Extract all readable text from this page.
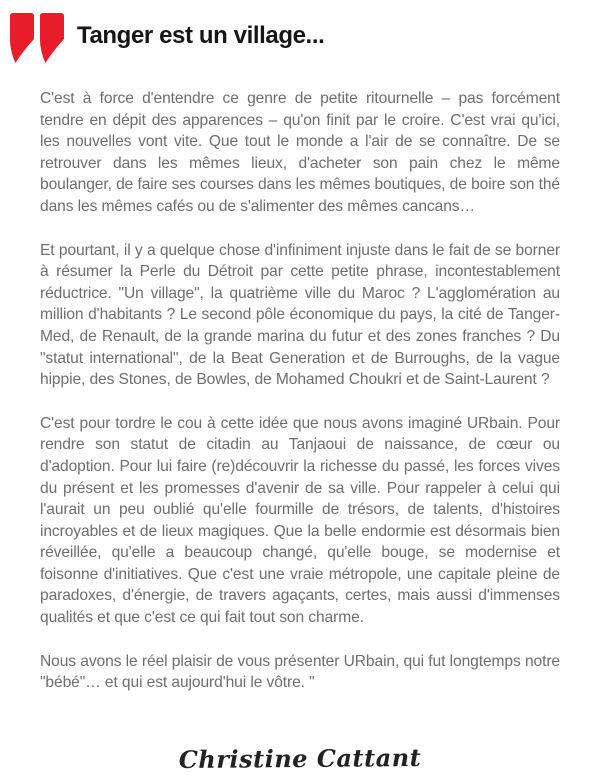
Tanger est un village...

C'est à force d'entendre ce genre de petite ritournelle – pas forcément tendre en dépit des apparences – qu'on finit par le croire. C'est vrai qu'ici, les nouvelles vont vite. Que tout le monde a l'air de se connaître. De se retrouver dans les mêmes lieux, d'acheter son pain chez le même boulanger, de faire ses courses dans les mêmes boutiques, de boire son thé dans les mêmes cafés ou de s'alimenter des mêmes cancans…

Et pourtant, il y a quelque chose d'infiniment injuste dans le fait de se borner à résumer la Perle du Détroit par cette petite phrase, incontestablement réductrice. "Un village", la quatrième ville du Maroc ? L'agglomération au million d'habitants ? Le second pôle économique du pays, la cité de Tanger-Med, de Renault, de la grande marina du futur et des zones franches ? Du "statut international", de la Beat Generation et de Burroughs, de la vague hippie, des Stones, de Bowles, de Mohamed Choukri et de Saint-Laurent ?

C'est pour tordre le cou à cette idée que nous avons imaginé URbain. Pour rendre son statut de citadin au Tanjaoui de naissance, de cœur ou d'adoption. Pour lui faire (re)découvrir la richesse du passé, les forces vives du présent et les promesses d'avenir de sa ville. Pour rappeler à celui qui l'aurait un peu oublié qu'elle fourmille de trésors, de talents, d'histoires incroyables et de lieux magiques. Que la belle endormie est désormais bien réveillée, qu'elle a beaucoup changé, qu'elle bouge, se modernise et foisonne d'initiatives. Que c'est une vraie métropole, une capitale pleine de paradoxes, d'énergie, de travers agaçants, certes, mais aussi d'immenses qualités et que c'est ce qui fait tout son charme.

Nous avons le réel plaisir de vous présenter URbain, qui fut longtemps notre "bébé"… et qui est aujourd'hui le vôtre. "

Christine Cattant
